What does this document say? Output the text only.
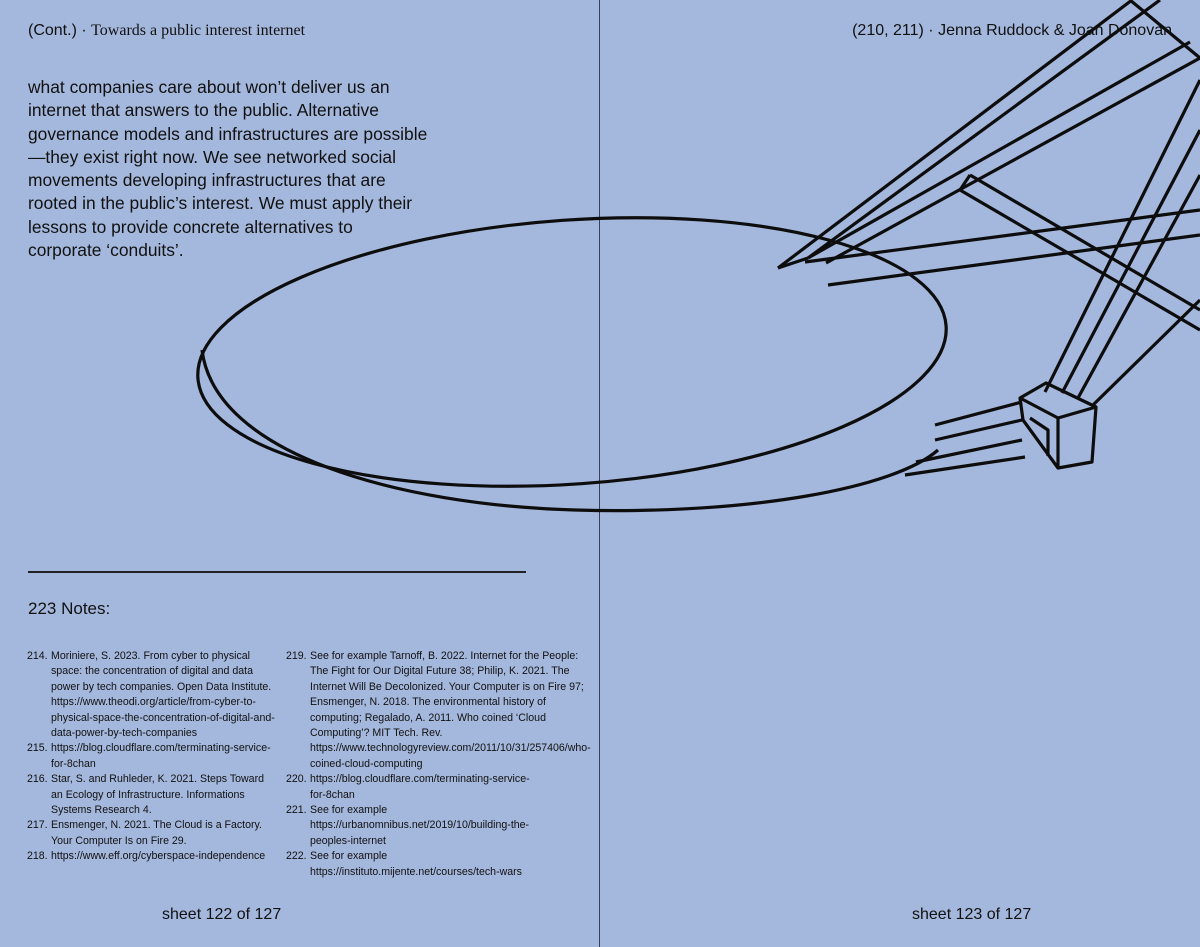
(Cont.) · Towards a public interest internet	(210, 211) · Jenna Ruddock & Joan Donovan

what companies care about won’t deliver us an internet that answers to the public. Alternative governance models and infrastructures are possible—they exist right now. We see networked social movements developing infrastructures that are rooted in the public’s interest. We must apply their lessons to provide concrete alternatives to corporate ‘conduits’.

223 Notes:
214. Moriniere, S. 2023. From cyber to physical space: the concentration of digital and data power by tech companies. Open Data Institute. https://www.theodi.org/article/from-cyber-to-physical-space-the-concentration-of-digital-and-data-power-by-tech-companies
215. https://blog.cloudflare.com/terminating-service-for-8chan
216. Star, S. and Ruhleder, K. 2021. Steps Toward an Ecology of Infrastructure. Informations Systems Research 4.
217. Ensmenger, N. 2021. The Cloud is a Factory. Your Computer Is on Fire 29.
218. https://www.eff.org/cyberspace-independence
219. See for example Tarnoff, B. 2022. Internet for the People: The Fight for Our Digital Future 38; Philip, K. 2021. The Internet Will Be Decolonized. Your Computer is on Fire 97; Ensmenger, N. 2018. The environmental history of computing; Regalado, A. 2011. Who coined ‘Cloud Computing’? MIT Tech. Rev. https://www.technologyreview.com/2011/10/31/257406/who-coined-cloud-computing
220. https://blog.cloudflare.com/terminating-service-for-8chan
221. See for example https://urbanomnibus.net/2019/10/building-the-peoples-internet
222. See for example https://instituto.mijente.net/courses/tech-wars
sheet 122 of 127	sheet 123 of 127
